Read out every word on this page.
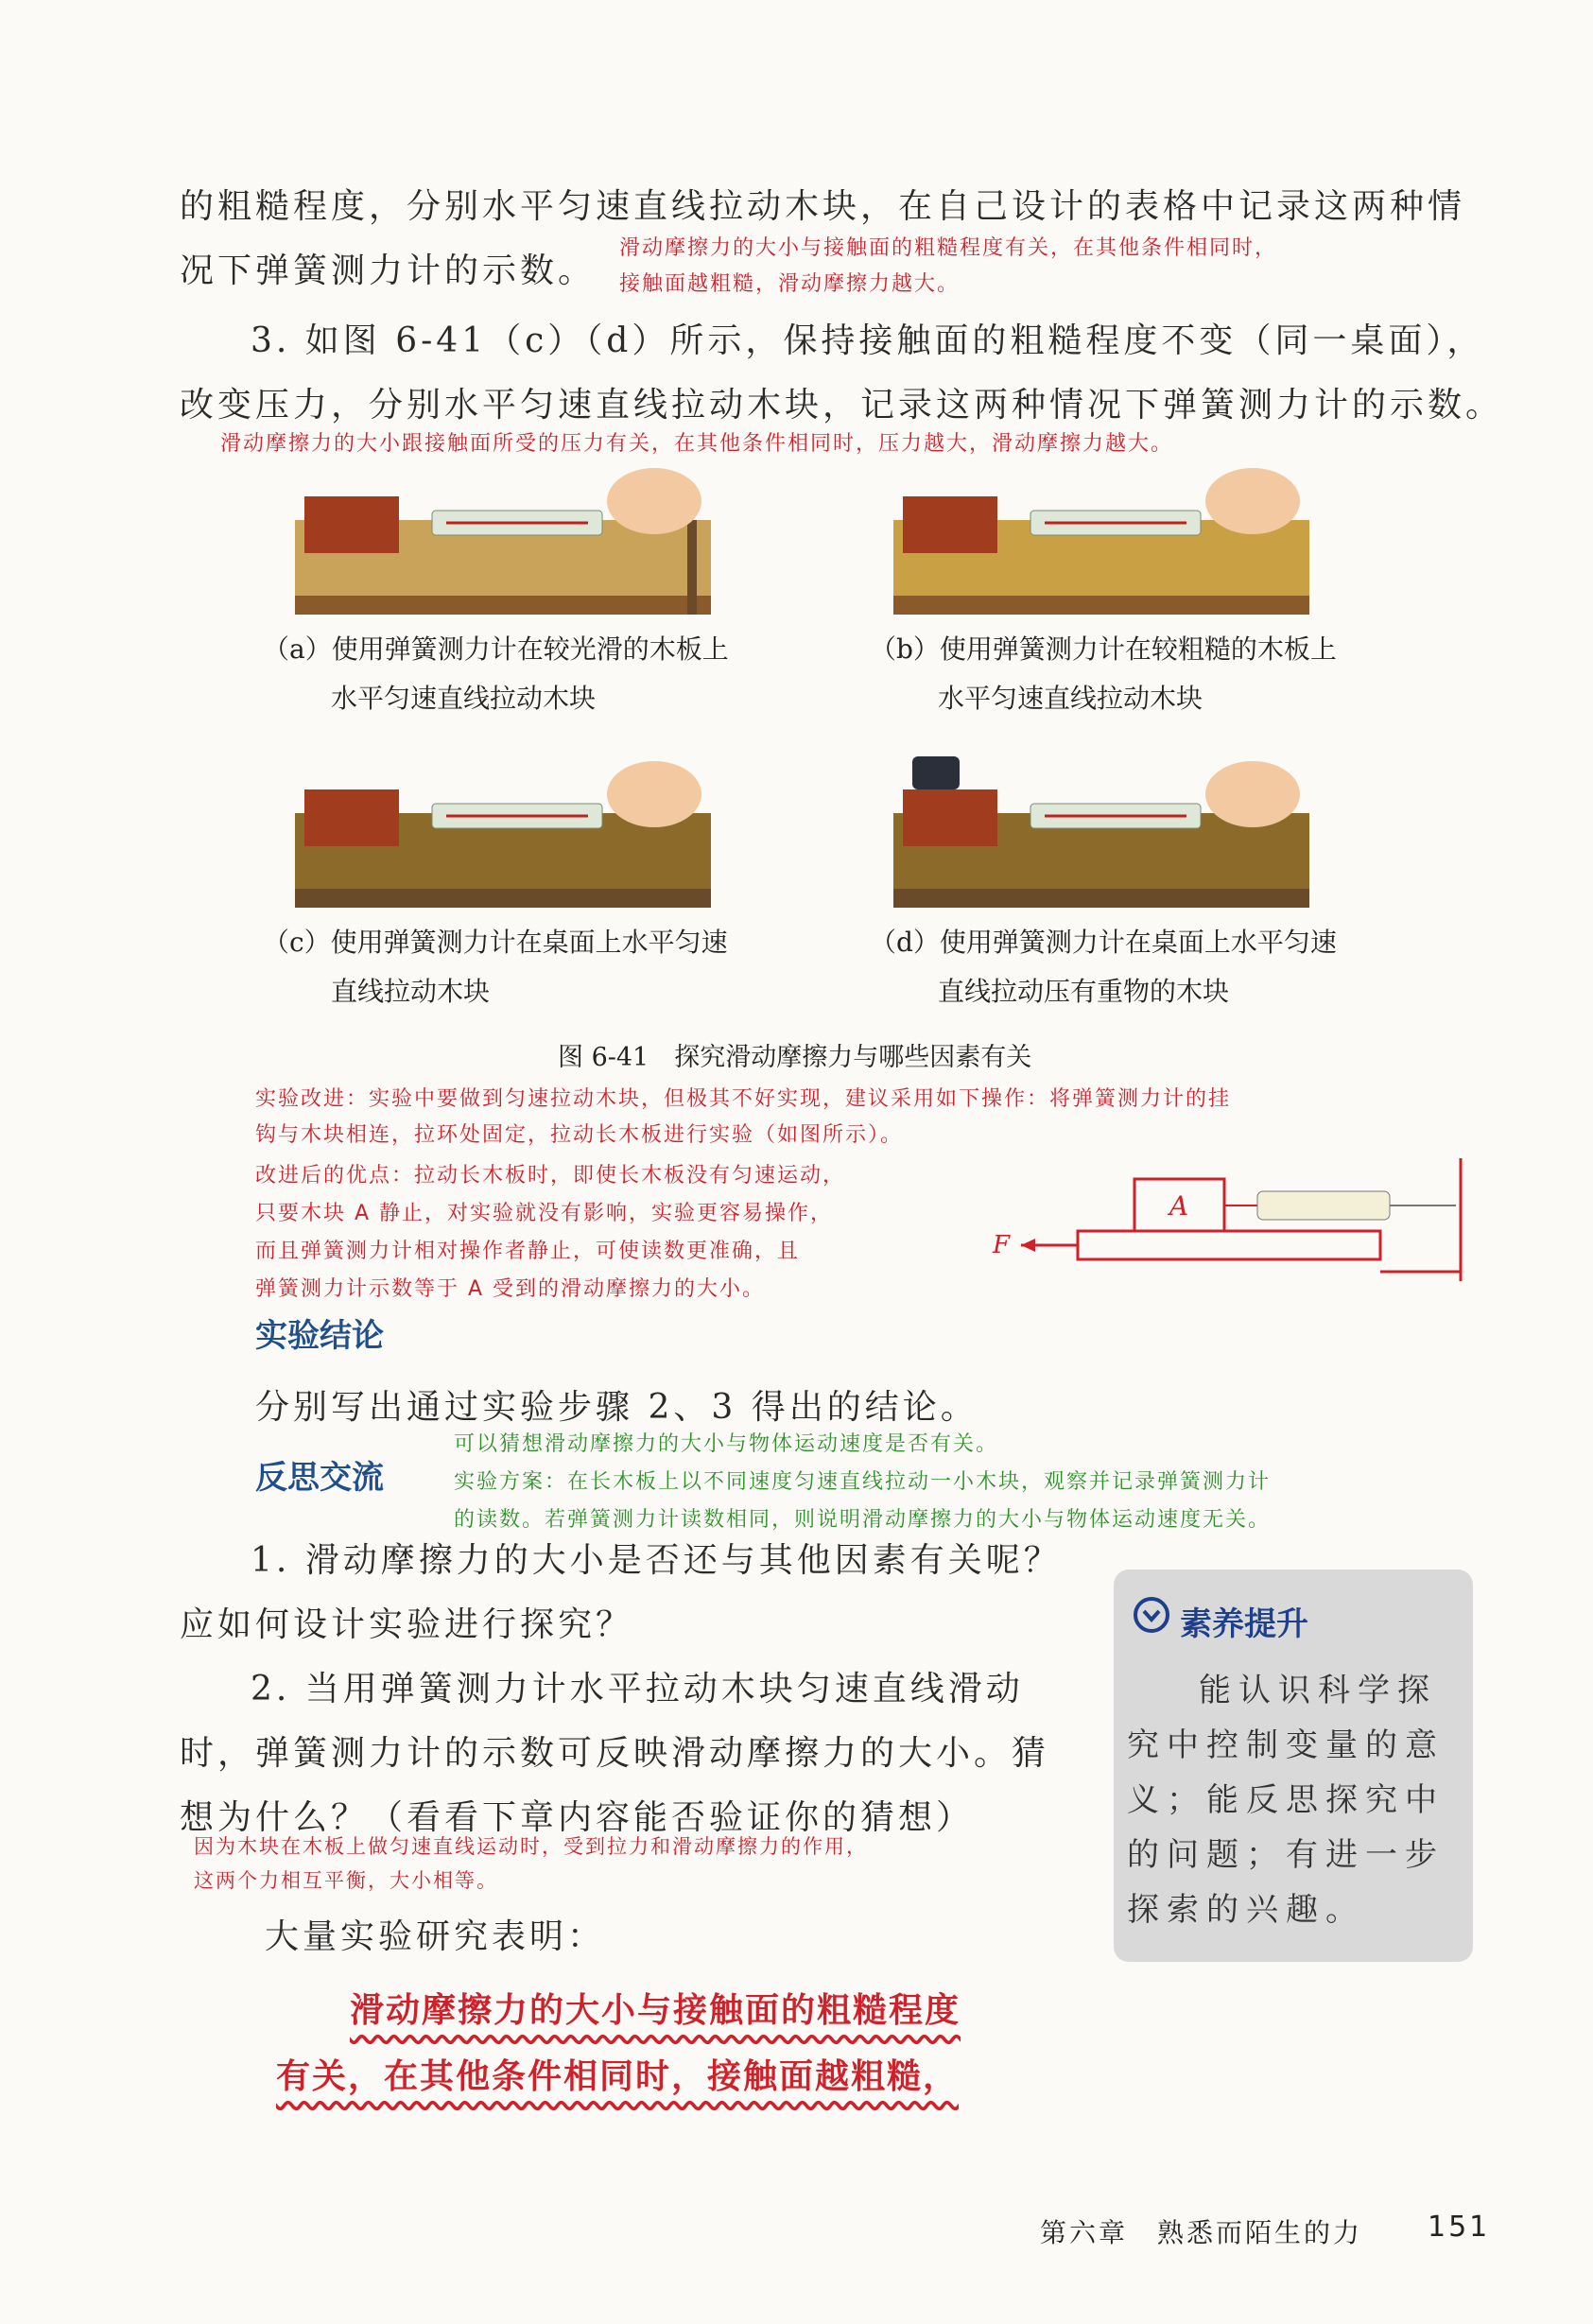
的粗糙程度，分别水平匀速直线拉动木块，在自己设计的表格中记录这两种情
况下弹簧测力计的示数。
滑动摩擦力的大小与接触面的粗糙程度有关，在其他条件相同时，
接触面越粗糙，滑动摩擦力越大。
3. 如图 6-41（c）（d）所示，保持接触面的粗糙程度不变（同一桌面），
改变压力，分别水平匀速直线拉动木块，记录这两种情况下弹簧测力计的示数。
滑动摩擦力的大小跟接触面所受的压力有关，在其他条件相同时，压力越大，滑动摩擦力越大。
（a）使用弹簧测力计在较光滑的木板上
水平匀速直线拉动木块
（b）使用弹簧测力计在较粗糙的木板上
水平匀速直线拉动木块
（c）使用弹簧测力计在桌面上水平匀速
直线拉动木块
（d）使用弹簧测力计在桌面上水平匀速
直线拉动压有重物的木块
图 6-41　探究滑动摩擦力与哪些因素有关
实验改进：实验中要做到匀速拉动木块，但极其不好实现，建议采用如下操作：将弹簧测力计的挂
钩与木块相连，拉环处固定，拉动长木板进行实验（如图所示）。
改进后的优点：拉动长木板时，即使长木板没有匀速运动，
只要木块 A 静止，对实验就没有影响，实验更容易操作，
而且弹簧测力计相对操作者静止，可使读数更准确，且
弹簧测力计示数等于 A 受到的滑动摩擦力的大小。
A
F
实验结论
分别写出通过实验步骤 2、3 得出的结论。
可以猜想滑动摩擦力的大小与物体运动速度是否有关。
反思交流	实验方案：在长木板上以不同速度匀速直线拉动一小木块，观察并记录弹簧测力计
的读数。若弹簧测力计读数相同，则说明滑动摩擦力的大小与物体运动速度无关。
1. 滑动摩擦力的大小是否还与其他因素有关呢？
应如何设计实验进行探究？
2. 当用弹簧测力计水平拉动木块匀速直线滑动
时，弹簧测力计的示数可反映滑动摩擦力的大小。猜
想为什么？（看看下章内容能否验证你的猜想）
因为木块在木板上做匀速直线运动时，受到拉力和滑动摩擦力的作用，
这两个力相互平衡，大小相等。
大量实验研究表明：
滑动摩擦力的大小与接触面的粗糙程度
有关，在其他条件相同时，接触面越粗糙，
素养提升
能认识科学探
究中控制变量的意
义；能反思探究中
的问题；有进一步
探索的兴趣。
第六章　熟悉而陌生的力 151
